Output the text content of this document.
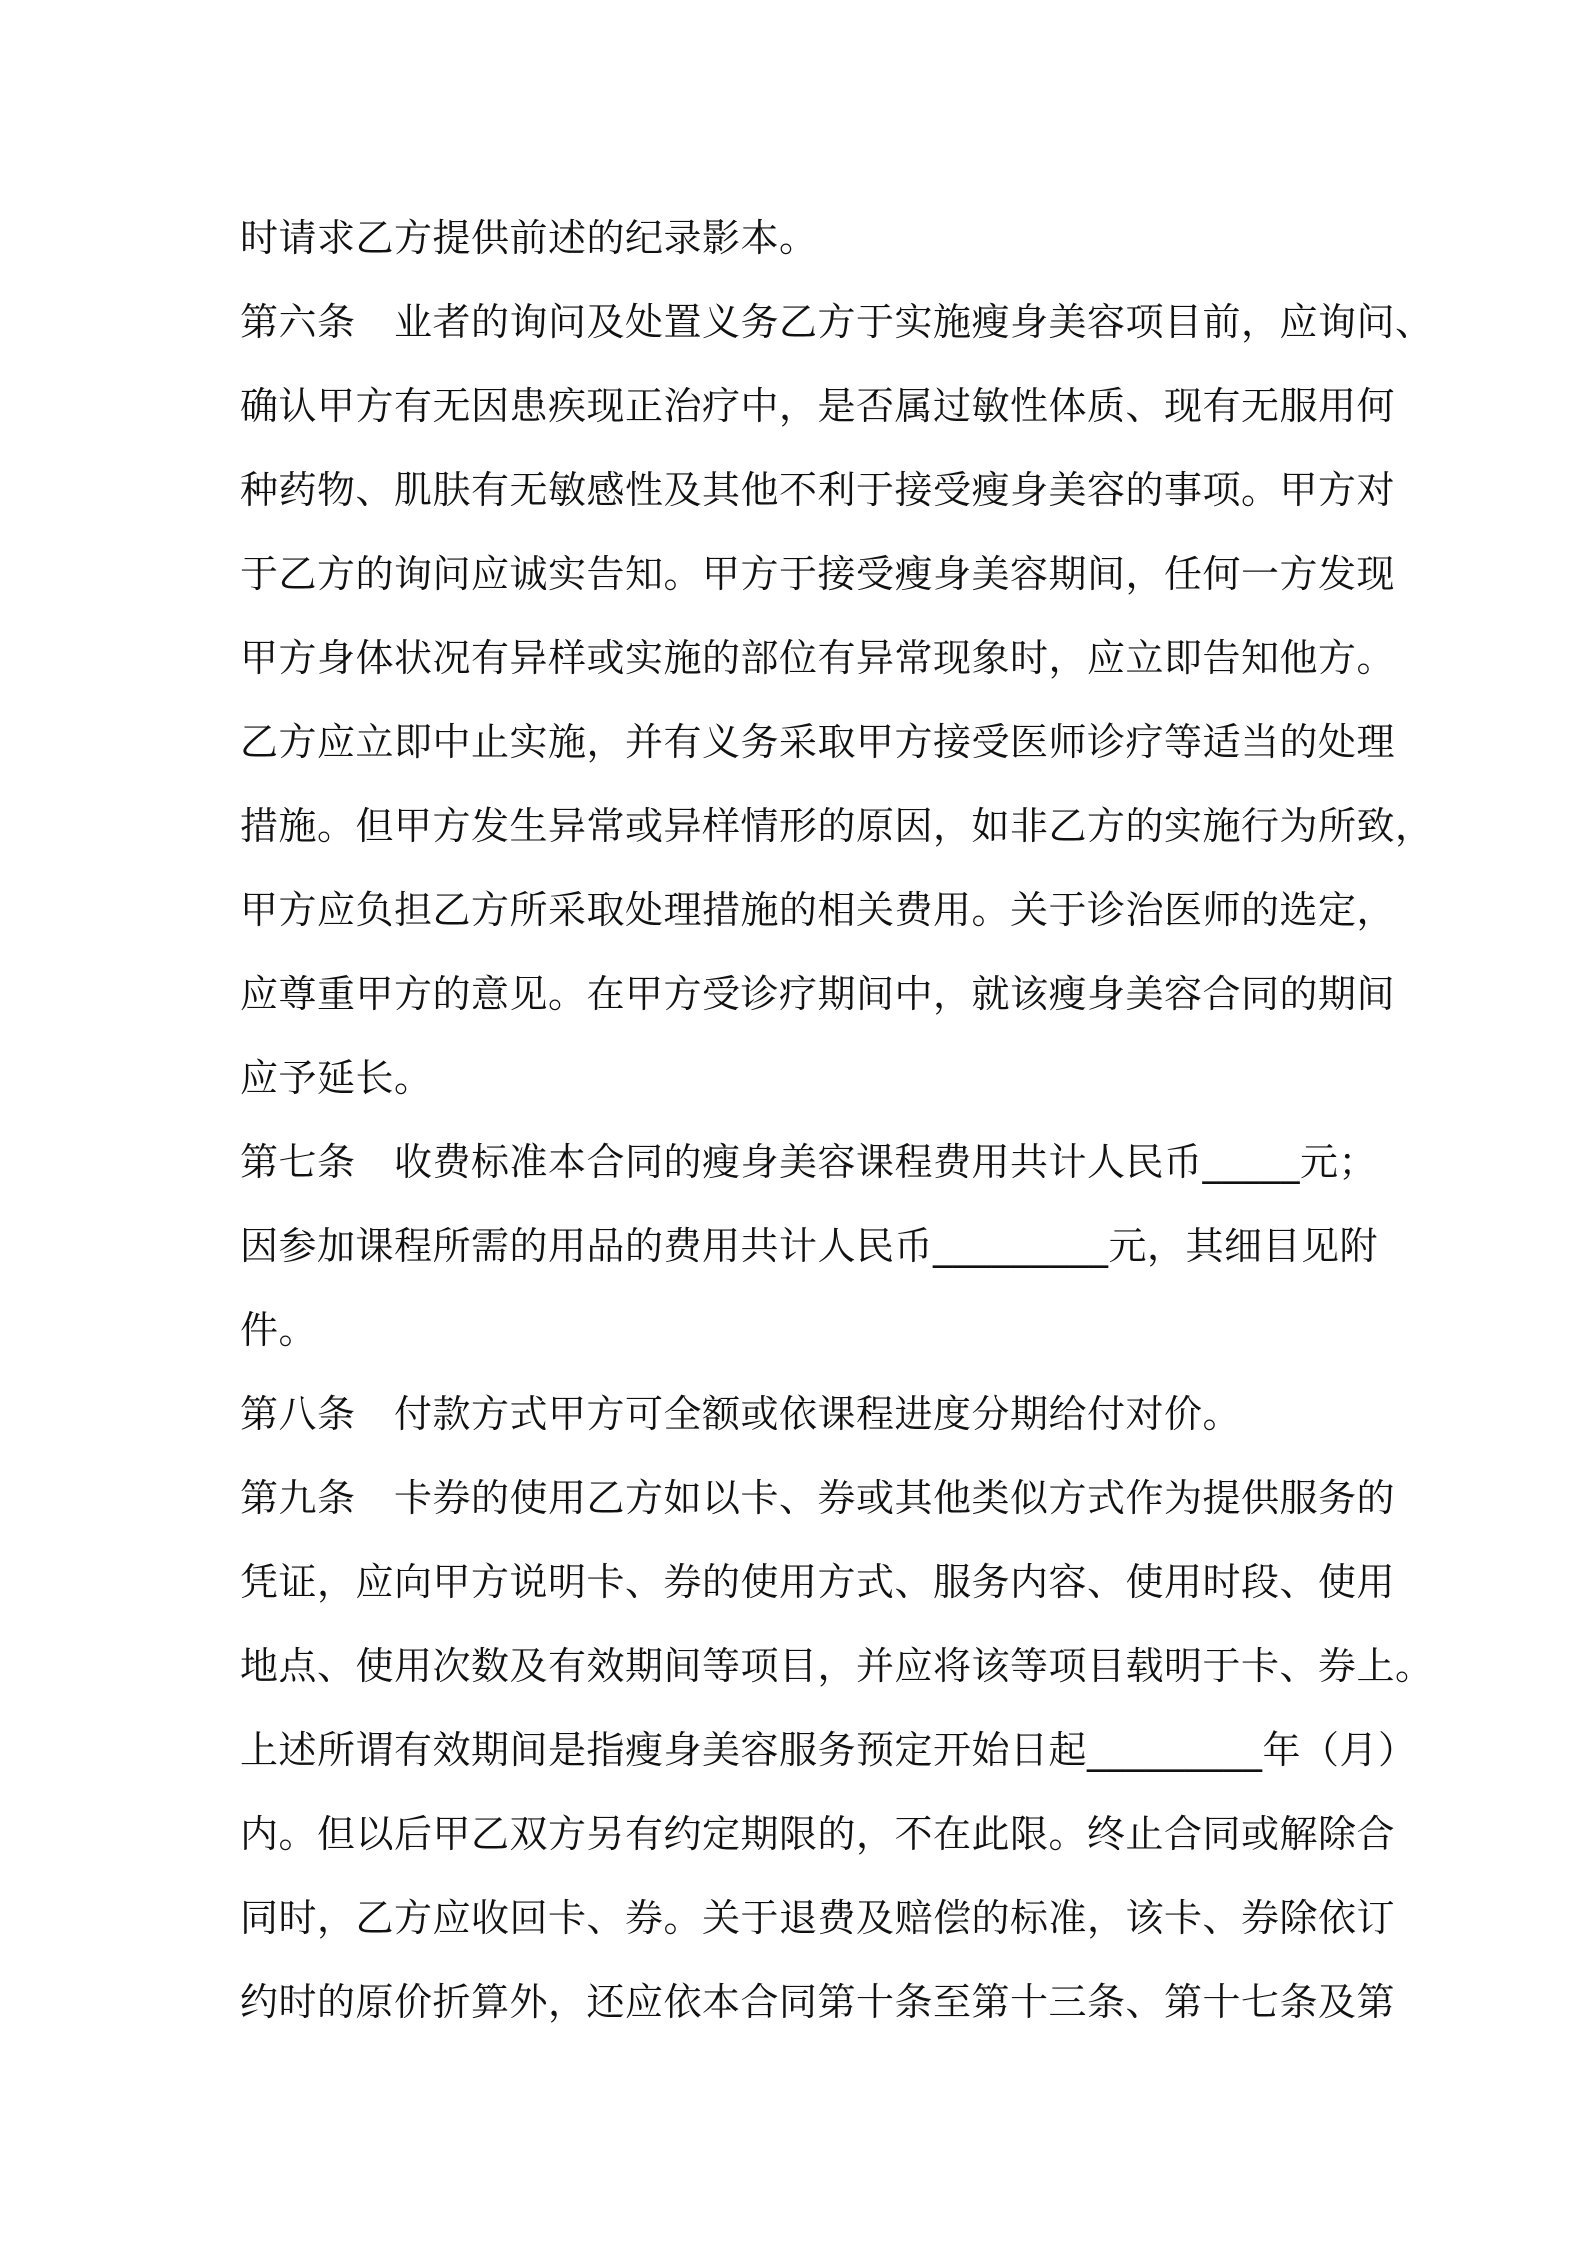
时请求乙方提供前述的纪录影本。
第六条　业者的询问及处置义务乙方于实施瘦身美容项目前，应询问、
确认甲方有无因患疾现正治疗中，是否属过敏性体质、现有无服用何
种药物、肌肤有无敏感性及其他不利于接受瘦身美容的事项。甲方对
于乙方的询问应诚实告知。甲方于接受瘦身美容期间，任何一方发现
甲方身体状况有异样或实施的部位有异常现象时，应立即告知他方。
乙方应立即中止实施，并有义务采取甲方接受医师诊疗等适当的处理
措施。但甲方发生异常或异样情形的原因，如非乙方的实施行为所致，
甲方应负担乙方所采取处理措施的相关费用。关于诊治医师的选定，
应尊重甲方的意见。在甲方受诊疗期间中，就该瘦身美容合同的期间
应予延长。
第七条　收费标准本合同的瘦身美容课程费用共计人民币_____元；
因参加课程所需的用品的费用共计人民币_________元，其细目见附
件。
第八条　付款方式甲方可全额或依课程进度分期给付对价。
第九条　卡券的使用乙方如以卡、券或其他类似方式作为提供服务的
凭证，应向甲方说明卡、券的使用方式、服务内容、使用时段、使用
地点、使用次数及有效期间等项目，并应将该等项目载明于卡、券上。
上述所谓有效期间是指瘦身美容服务预定开始日起_________年（月）
内。但以后甲乙双方另有约定期限的，不在此限。终止合同或解除合
同时，乙方应收回卡、券。关于退费及赔偿的标准，该卡、券除依订
约时的原价折算外，还应依本合同第十条至第十三条、第十七条及第
